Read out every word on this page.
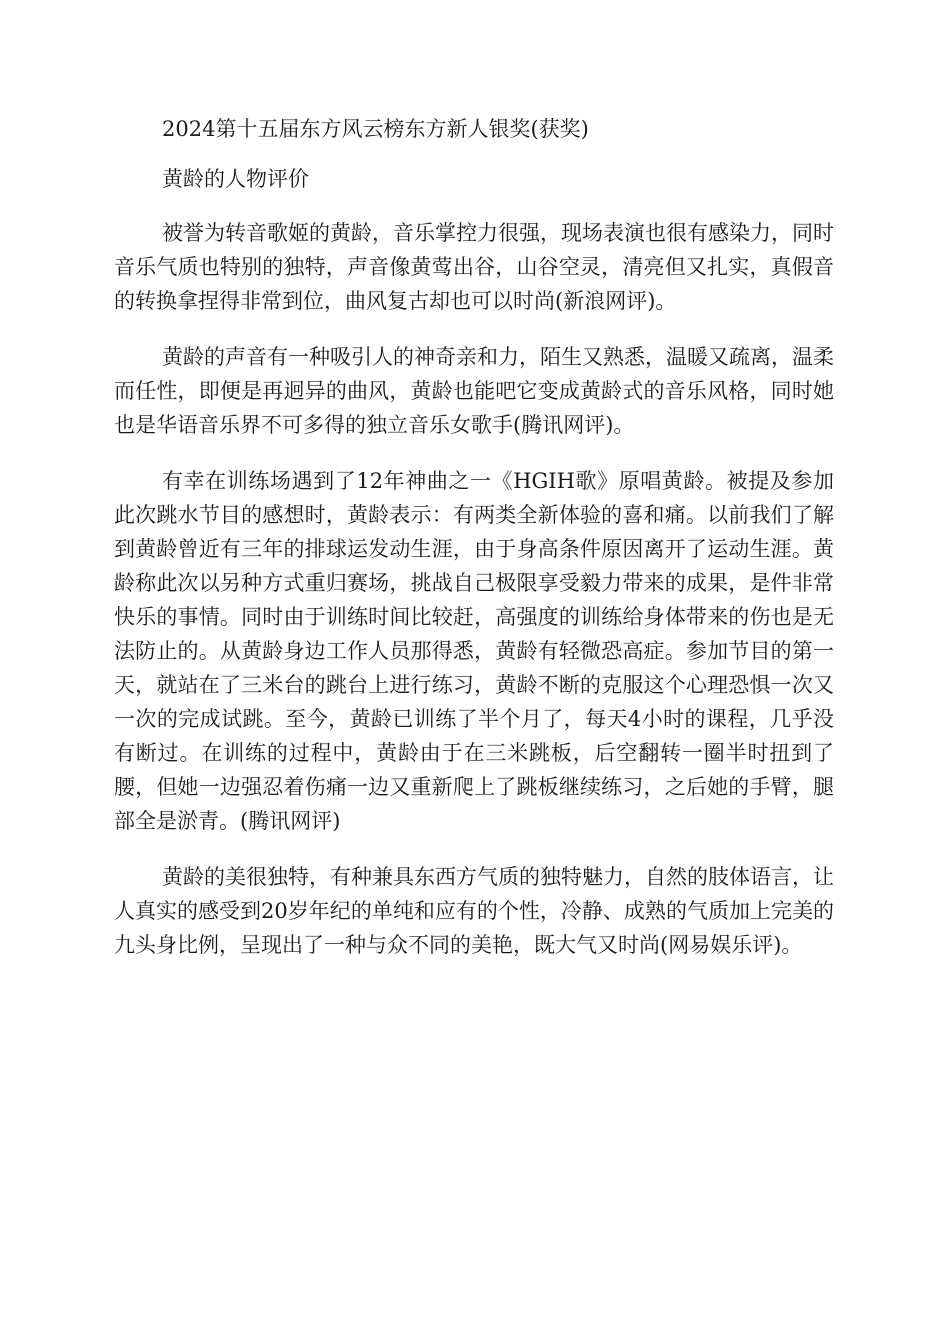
2024第十五届东方风云榜东方新人银奖(获奖)

黄龄的人物评价

被誉为转音歌姬的黄龄，音乐掌控力很强，现场表演也很有感染力，同时音乐气质也特别的独特，声音像黄莺出谷，山谷空灵，清亮但又扎实，真假音的转换拿捏得非常到位，曲风复古却也可以时尚(新浪网评)。

黄龄的声音有一种吸引人的神奇亲和力，陌生又熟悉，温暖又疏离，温柔而任性，即便是再迥异的曲风，黄龄也能吧它变成黄龄式的音乐风格，同时她也是华语音乐界不可多得的独立音乐女歌手(腾讯网评)。

有幸在训练场遇到了12年神曲之一《HGIH歌》原唱黄龄。被提及参加此次跳水节目的感想时，黄龄表示：有两类全新体验的喜和痛。以前我们了解到黄龄曾近有三年的排球运发动生涯，由于身高条件原因离开了运动生涯。黄龄称此次以另种方式重归赛场，挑战自己极限享受毅力带来的成果，是件非常快乐的事情。同时由于训练时间比较赶，高强度的训练给身体带来的伤也是无法防止的。从黄龄身边工作人员那得悉，黄龄有轻微恐高症。参加节目的第一天，就站在了三米台的跳台上进行练习，黄龄不断的克服这个心理恐惧一次又一次的完成试跳。至今，黄龄已训练了半个月了，每天4小时的课程，几乎没有断过。在训练的过程中，黄龄由于在三米跳板，后空翻转一圈半时扭到了腰，但她一边强忍着伤痛一边又重新爬上了跳板继续练习，之后她的手臂，腿部全是淤青。(腾讯网评)

黄龄的美很独特，有种兼具东西方气质的独特魅力，自然的肢体语言，让人真实的感受到20岁年纪的单纯和应有的个性，冷静、成熟的气质加上完美的九头身比例，呈现出了一种与众不同的美艳，既大气又时尚(网易娱乐评)。
